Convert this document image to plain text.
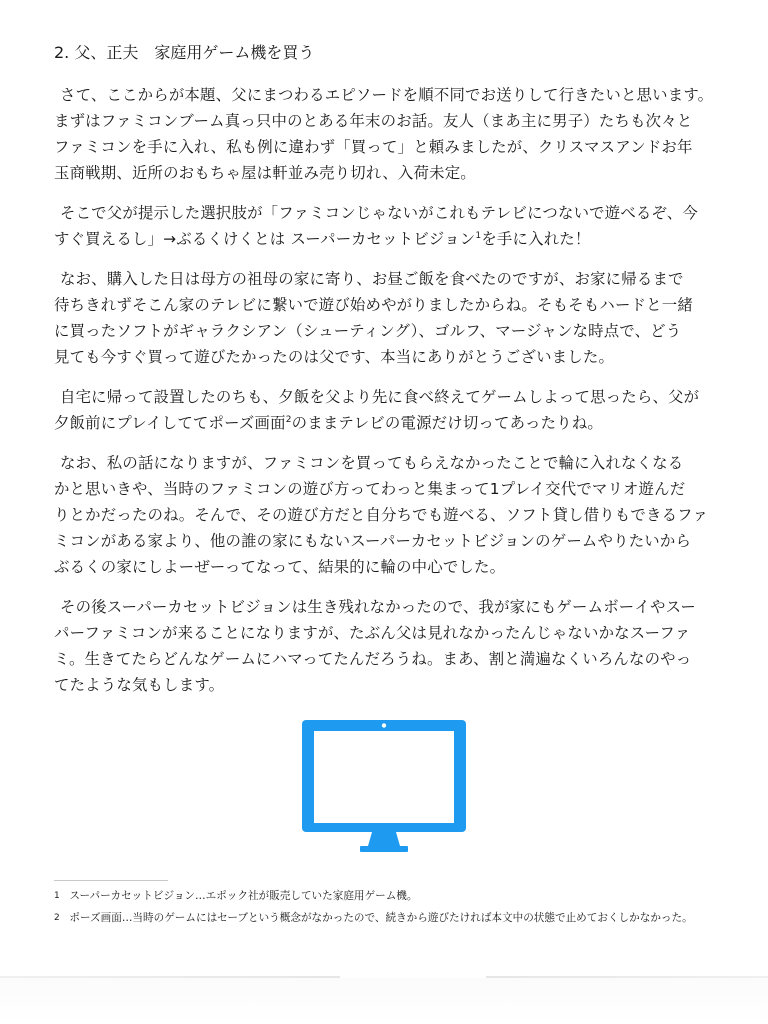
2. 父、正夫　家庭用ゲーム機を買う

さて、ここからが本題、父にまつわるエピソードを順不同でお送りして行きたいと思います。
まずはファミコンブーム真っ只中のとある年末のお話。友人（まあ主に男子）たちも次々と
ファミコンを手に入れ、私も例に違わず「買って」と頼みましたが、クリスマスアンドお年
玉商戦期、近所のおもちゃ屋は軒並み売り切れ、入荷未定。

そこで父が提示した選択肢が「ファミコンじゃないがこれもテレビにつないで遊べるぞ、今
すぐ買えるし」→ぶるくけくとは スーパーカセットビジョン$^1$を手に入れた！

なお、購入した日は母方の祖母の家に寄り、お昼ご飯を食べたのですが、お家に帰るまで
待ちきれずそこん家のテレビに繋いで遊び始めやがりましたからね。そもそもハードと一緒
に買ったソフトがギャラクシアン（シューティング）、ゴルフ、マージャンな時点で、どう
見ても今すぐ買って遊びたかったのは父です、本当にありがとうございました。

自宅に帰って設置したのちも、夕飯を父より先に食べ終えてゲームしよって思ったら、父が
夕飯前にプレイしててポーズ画面$^2$のままテレビの電源だけ切ってあったりね。

なお、私の話になりますが、ファミコンを買ってもらえなかったことで輪に入れなくなる
かと思いきや、当時のファミコンの遊び方ってわっと集まって1プレイ交代でマリオ遊んだ
りとかだったのね。そんで、その遊び方だと自分ちでも遊べる、ソフト貸し借りもできるファ
ミコンがある家より、他の誰の家にもないスーパーカセットビジョンのゲームやりたいから
ぶるくの家にしよーぜーってなって、結果的に輪の中心でした。

その後スーパーカセットビジョンは生き残れなかったので、我が家にもゲームボーイやスー
パーファミコンが来ることになりますが、たぶん父は見れなかったんじゃないかなスーファ
ミ。生きてたらどんなゲームにハマってたんだろうね。まあ、割と満遍なくいろんなのやっ
てたような気もします。

1 スーパーカセットビジョン…エポック社が販売していた家庭用ゲーム機。
2 ポーズ画面…当時のゲームにはセーブという概念がなかったので、続きから遊びたければ本文中の状態で止めておくしかなかった。
